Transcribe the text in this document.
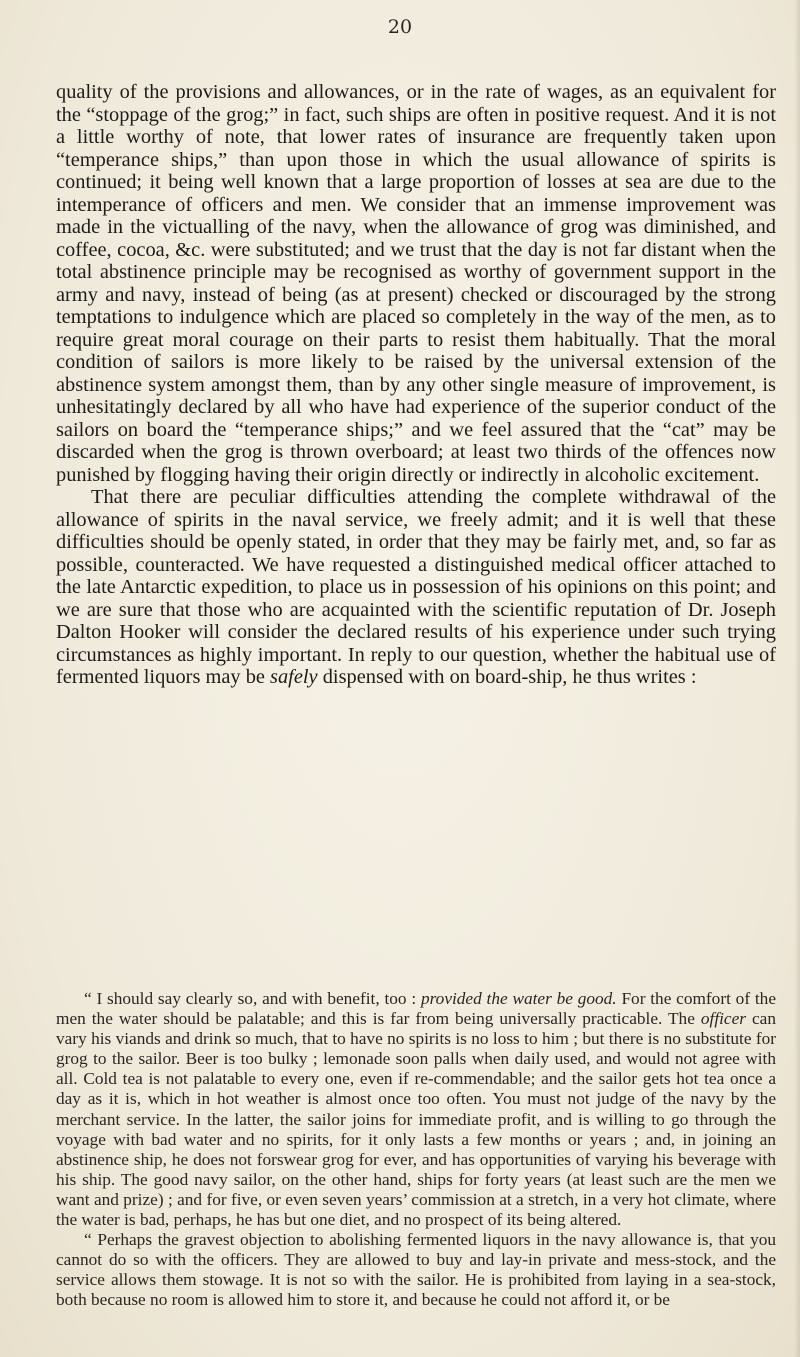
20

quality of the provisions and allowances, or in the rate of wages, as an equivalent for the “stoppage of the grog;” in fact, such ships are often in positive request. And it is not a little worthy of note, that lower rates of insurance are frequently taken upon “temperance ships,” than upon those in which the usual allowance of spirits is continued; it being well known that a large proportion of losses at sea are due to the intemperance of officers and men. We consider that an immense improvement was made in the victualling of the navy, when the allowance of grog was diminished, and coffee, cocoa, &c. were substituted; and we trust that the day is not far distant when the total abstinence principle may be recognised as worthy of government support in the army and navy, instead of being (as at present) checked or discouraged by the strong temptations to indulgence which are placed so completely in the way of the men, as to require great moral courage on their parts to resist them habitually. That the moral condition of sailors is more likely to be raised by the universal extension of the abstinence system amongst them, than by any other single measure of improvement, is unhesitatingly declared by all who have had experience of the superior conduct of the sailors on board the “temperance ships;” and we feel assured that the “cat” may be discarded when the grog is thrown overboard; at least two thirds of the offences now punished by flogging having their origin directly or indirectly in alcoholic excitement.

That there are peculiar difficulties attending the complete withdrawal of the allowance of spirits in the naval service, we freely admit; and it is well that these difficulties should be openly stated, in order that they may be fairly met, and, so far as possible, counteracted. We have requested a distinguished medical officer attached to the late Antarctic expedition, to place us in possession of his opinions on this point; and we are sure that those who are acquainted with the scientific reputation of Dr. Joseph Dalton Hooker will consider the declared results of his experience under such trying circumstances as highly important. In reply to our question, whether the habitual use of fermented liquors may be safely dispensed with on board-ship, he thus writes :

“ I should say clearly so, and with benefit, too : provided the water be good. For the comfort of the men the water should be palatable; and this is far from being universally practicable. The officer can vary his viands and drink so much, that to have no spirits is no loss to him ; but there is no substitute for grog to the sailor. Beer is too bulky ; lemonade soon palls when daily used, and would not agree with all. Cold tea is not palatable to every one, even if re-commendable; and the sailor gets hot tea once a day as it is, which in hot weather is almost once too often. You must not judge of the navy by the merchant service. In the latter, the sailor joins for immediate profit, and is willing to go through the voyage with bad water and no spirits, for it only lasts a few months or years ; and, in joining an abstinence ship, he does not forswear grog for ever, and has opportunities of varying his beverage with his ship. The good navy sailor, on the other hand, ships for forty years (at least such are the men we want and prize) ; and for five, or even seven years’ commission at a stretch, in a very hot climate, where the water is bad, perhaps, he has but one diet, and no prospect of its being altered.

“ Perhaps the gravest objection to abolishing fermented liquors in the navy allowance is, that you cannot do so with the officers. They are allowed to buy and lay-in private and mess-stock, and the service allows them stowage. It is not so with the sailor. He is prohibited from laying in a sea-stock, both because no room is allowed him to store it, and because he could not afford it, or be
